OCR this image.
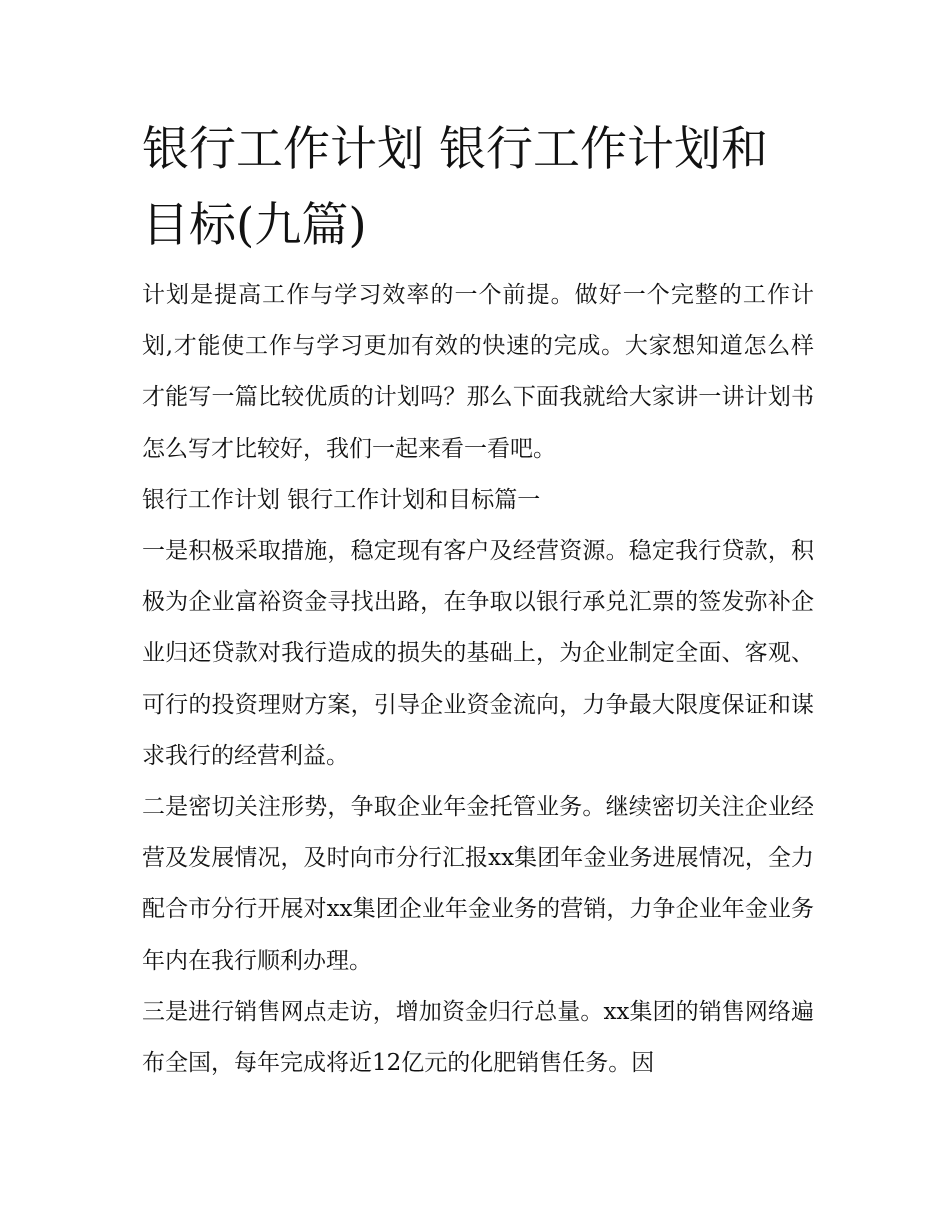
银行工作计划 银行工作计划和目标(九篇)

计划是提高工作与学习效率的一个前提。做好一个完整的工作计划,才能使工作与学习更加有效的快速的完成。大家想知道怎么样才能写一篇比较优质的计划吗？那么下面我就给大家讲一讲计划书怎么写才比较好，我们一起来看一看吧。

银行工作计划 银行工作计划和目标篇一

一是积极采取措施，稳定现有客户及经营资源。稳定我行贷款，积极为企业富裕资金寻找出路，在争取以银行承兑汇票的签发弥补企业归还贷款对我行造成的损失的基础上，为企业制定全面、客观、可行的投资理财方案，引导企业资金流向，力争最大限度保证和谋求我行的经营利益。

二是密切关注形势，争取企业年金托管业务。继续密切关注企业经营及发展情况，及时向市分行汇报xx集团年金业务进展情况，全力配合市分行开展对xx集团企业年金业务的营销，力争企业年金业务年内在我行顺利办理。

三是进行销售网点走访，增加资金归行总量。xx集团的销售网络遍布全国，每年完成将近12亿元的化肥销售任务。因
